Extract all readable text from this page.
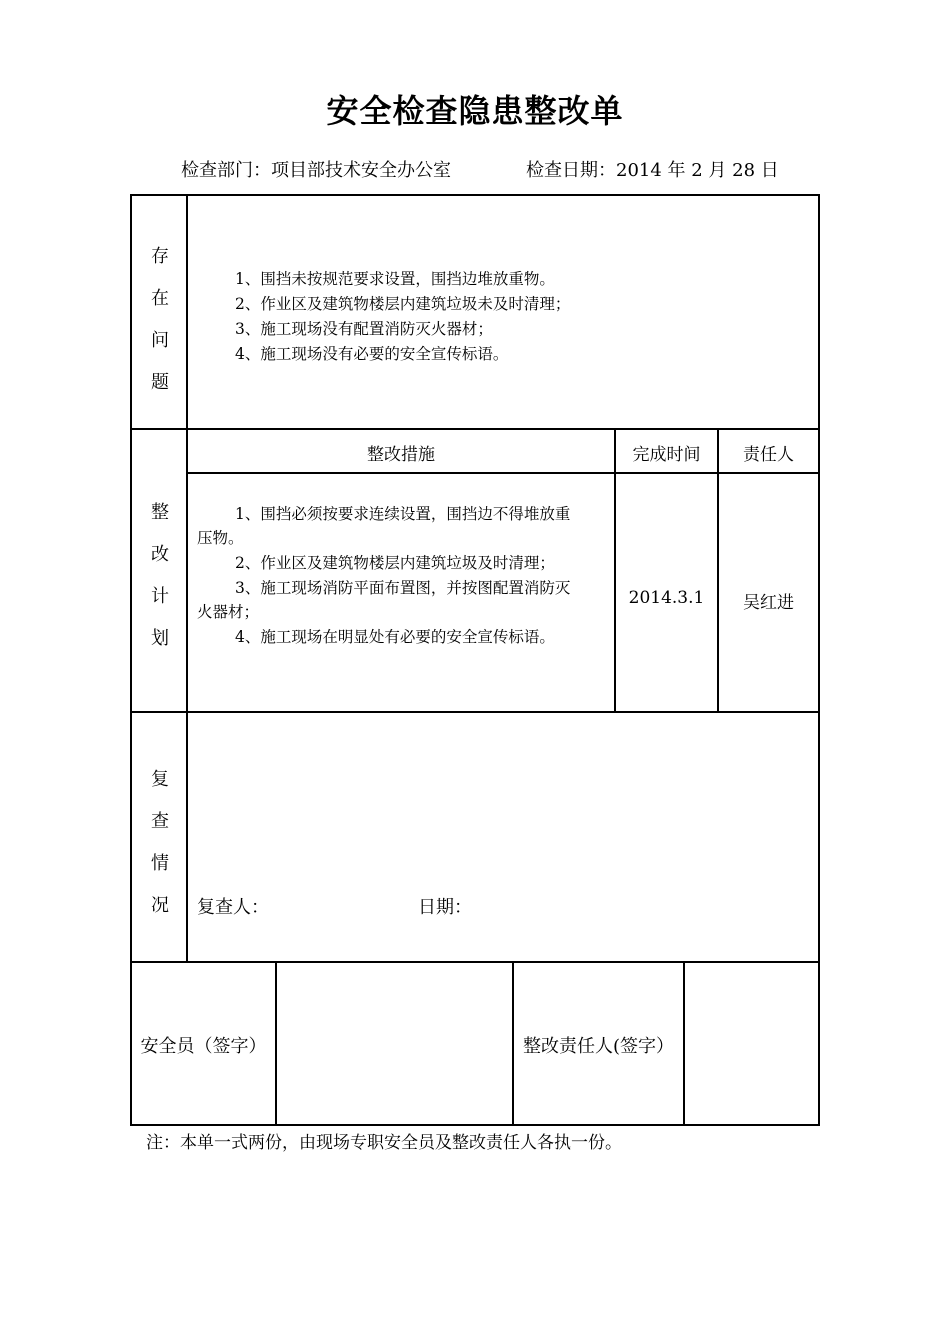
安全检查隐患整改单
检查部门：项目部技术安全办公室	检查日期：2014 年 2 月 28 日
存
在
问
题
1、围挡未按规范要求设置，围挡边堆放重物。
2、作业区及建筑物楼层内建筑垃圾未及时清理；
3、施工现场没有配置消防灭火器材；
4、施工现场没有必要的安全宣传标语。
整
改
计
划
整改措施	完成时间	责任人
1、围挡必须按要求连续设置，围挡边不得堆放重
压物。
2、作业区及建筑物楼层内建筑垃圾及时清理；
3、施工现场消防平面布置图，并按图配置消防灭
火器材；
4、施工现场在明显处有必要的安全宣传标语。
2014.3.1	吴红进
复
查
情
况	复查人：	日期：
安全员（签字）	整改责任人(签字）
注：本单一式两份，由现场专职安全员及整改责任人各执一份。
